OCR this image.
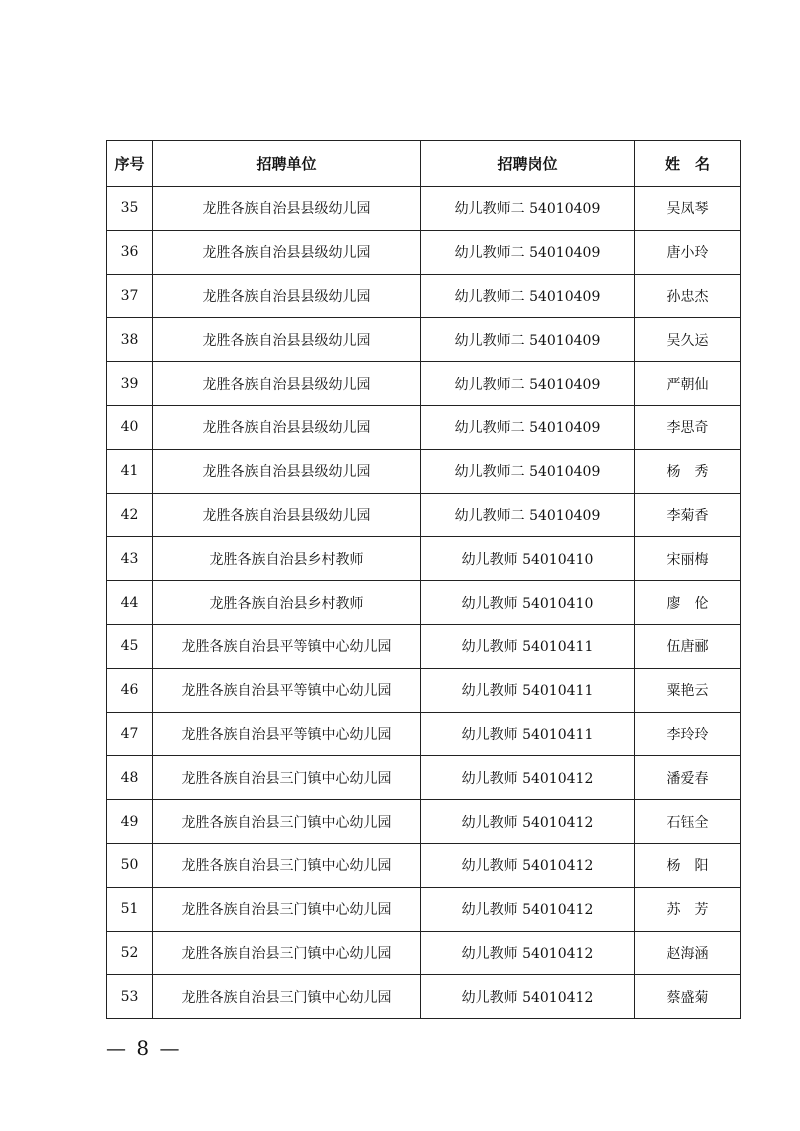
序号	招聘单位	招聘岗位	姓　名
35	龙胜各族自治县县级幼儿园	幼儿教师二 54010409	吴凤琴
36	龙胜各族自治县县级幼儿园	幼儿教师二 54010409	唐小玲
37	龙胜各族自治县县级幼儿园	幼儿教师二 54010409	孙忠杰
38	龙胜各族自治县县级幼儿园	幼儿教师二 54010409	吴久运
39	龙胜各族自治县县级幼儿园	幼儿教师二 54010409	严朝仙
40	龙胜各族自治县县级幼儿园	幼儿教师二 54010409	李思奇
41	龙胜各族自治县县级幼儿园	幼儿教师二 54010409	杨　秀
42	龙胜各族自治县县级幼儿园	幼儿教师二 54010409	李菊香
43	龙胜各族自治县乡村教师	幼儿教师 54010410	宋丽梅
44	龙胜各族自治县乡村教师	幼儿教师 54010410	廖　伦
45	龙胜各族自治县平等镇中心幼儿园	幼儿教师 54010411	伍唐郦
46	龙胜各族自治县平等镇中心幼儿园	幼儿教师 54010411	粟艳云
47	龙胜各族自治县平等镇中心幼儿园	幼儿教师 54010411	李玲玲
48	龙胜各族自治县三门镇中心幼儿园	幼儿教师 54010412	潘爱春
49	龙胜各族自治县三门镇中心幼儿园	幼儿教师 54010412	石钰全
50	龙胜各族自治县三门镇中心幼儿园	幼儿教师 54010412	杨　阳
51	龙胜各族自治县三门镇中心幼儿园	幼儿教师 54010412	苏　芳
52	龙胜各族自治县三门镇中心幼儿园	幼儿教师 54010412	赵海涵
53	龙胜各族自治县三门镇中心幼儿园	幼儿教师 54010412	蔡盛菊
— 8 —
